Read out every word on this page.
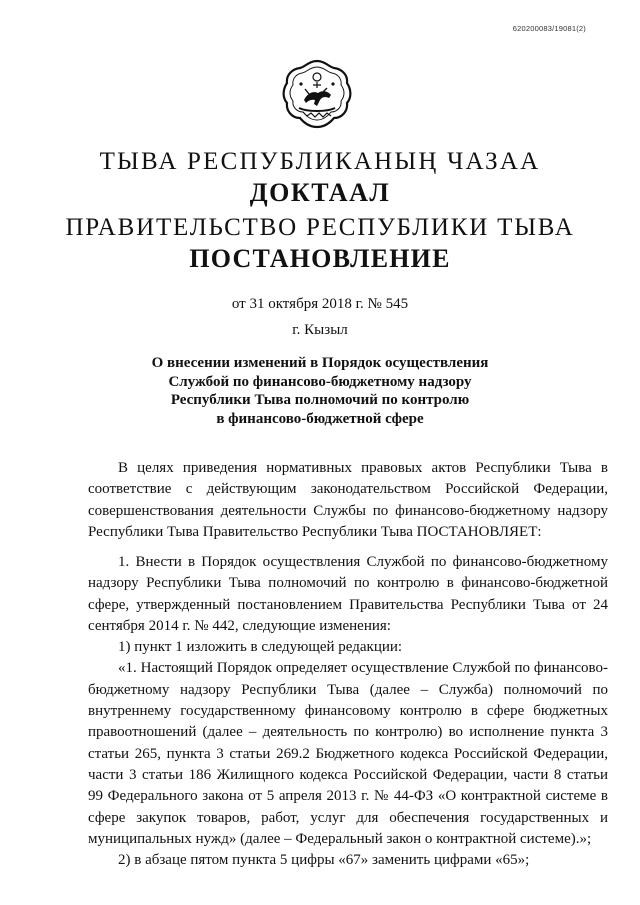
620200083/19081(2)
ТЫВА РЕСПУБЛИКАНЫҢ ЧАЗАА
ДОКТААЛ
ПРАВИТЕЛЬСТВО РЕСПУБЛИКИ ТЫВА
ПОСТАНОВЛЕНИЕ
от 31 октября 2018 г. № 545
г. Кызыл
О внесении изменений в Порядок осуществления
Службой по финансово-бюджетному надзору
Республики Тыва полномочий по контролю
в финансово-бюджетной сфере

В целях приведения нормативных правовых актов Республики Тыва в соответствие с действующим законодательством Российской Федерации, совершенствования деятельности Службы по финансово-бюджетному надзору Республики Тыва Правительство Республики Тыва ПОСТАНОВЛЯЕТ:

1. Внести в Порядок осуществления Службой по финансово-бюджетному надзору Республики Тыва полномочий по контролю в финансово-бюджетной сфере, утвержденный постановлением Правительства Республики Тыва от 24 сентября 2014 г. № 442, следующие изменения:

1) пункт 1 изложить в следующей редакции:

«1. Настоящий Порядок определяет осуществление Службой по финансово-бюджетному надзору Республики Тыва (далее – Служба) полномочий по внутреннему государственному финансовому контролю в сфере бюджетных правоотношений (далее – деятельность по контролю) во исполнение пункта 3 статьи 265, пункта 3 статьи 269.2 Бюджетного кодекса Российской Федерации, части 3 статьи 186 Жилищного кодекса Российской Федерации, части 8 статьи 99 Федерального закона от 5 апреля 2013 г. № 44-ФЗ «О контрактной системе в сфере закупок товаров, работ, услуг для обеспечения государственных и муниципальных нужд» (далее – Федеральный закон о контрактной системе).»;

2) в абзаце пятом пункта 5 цифры «67» заменить цифрами «65»;
